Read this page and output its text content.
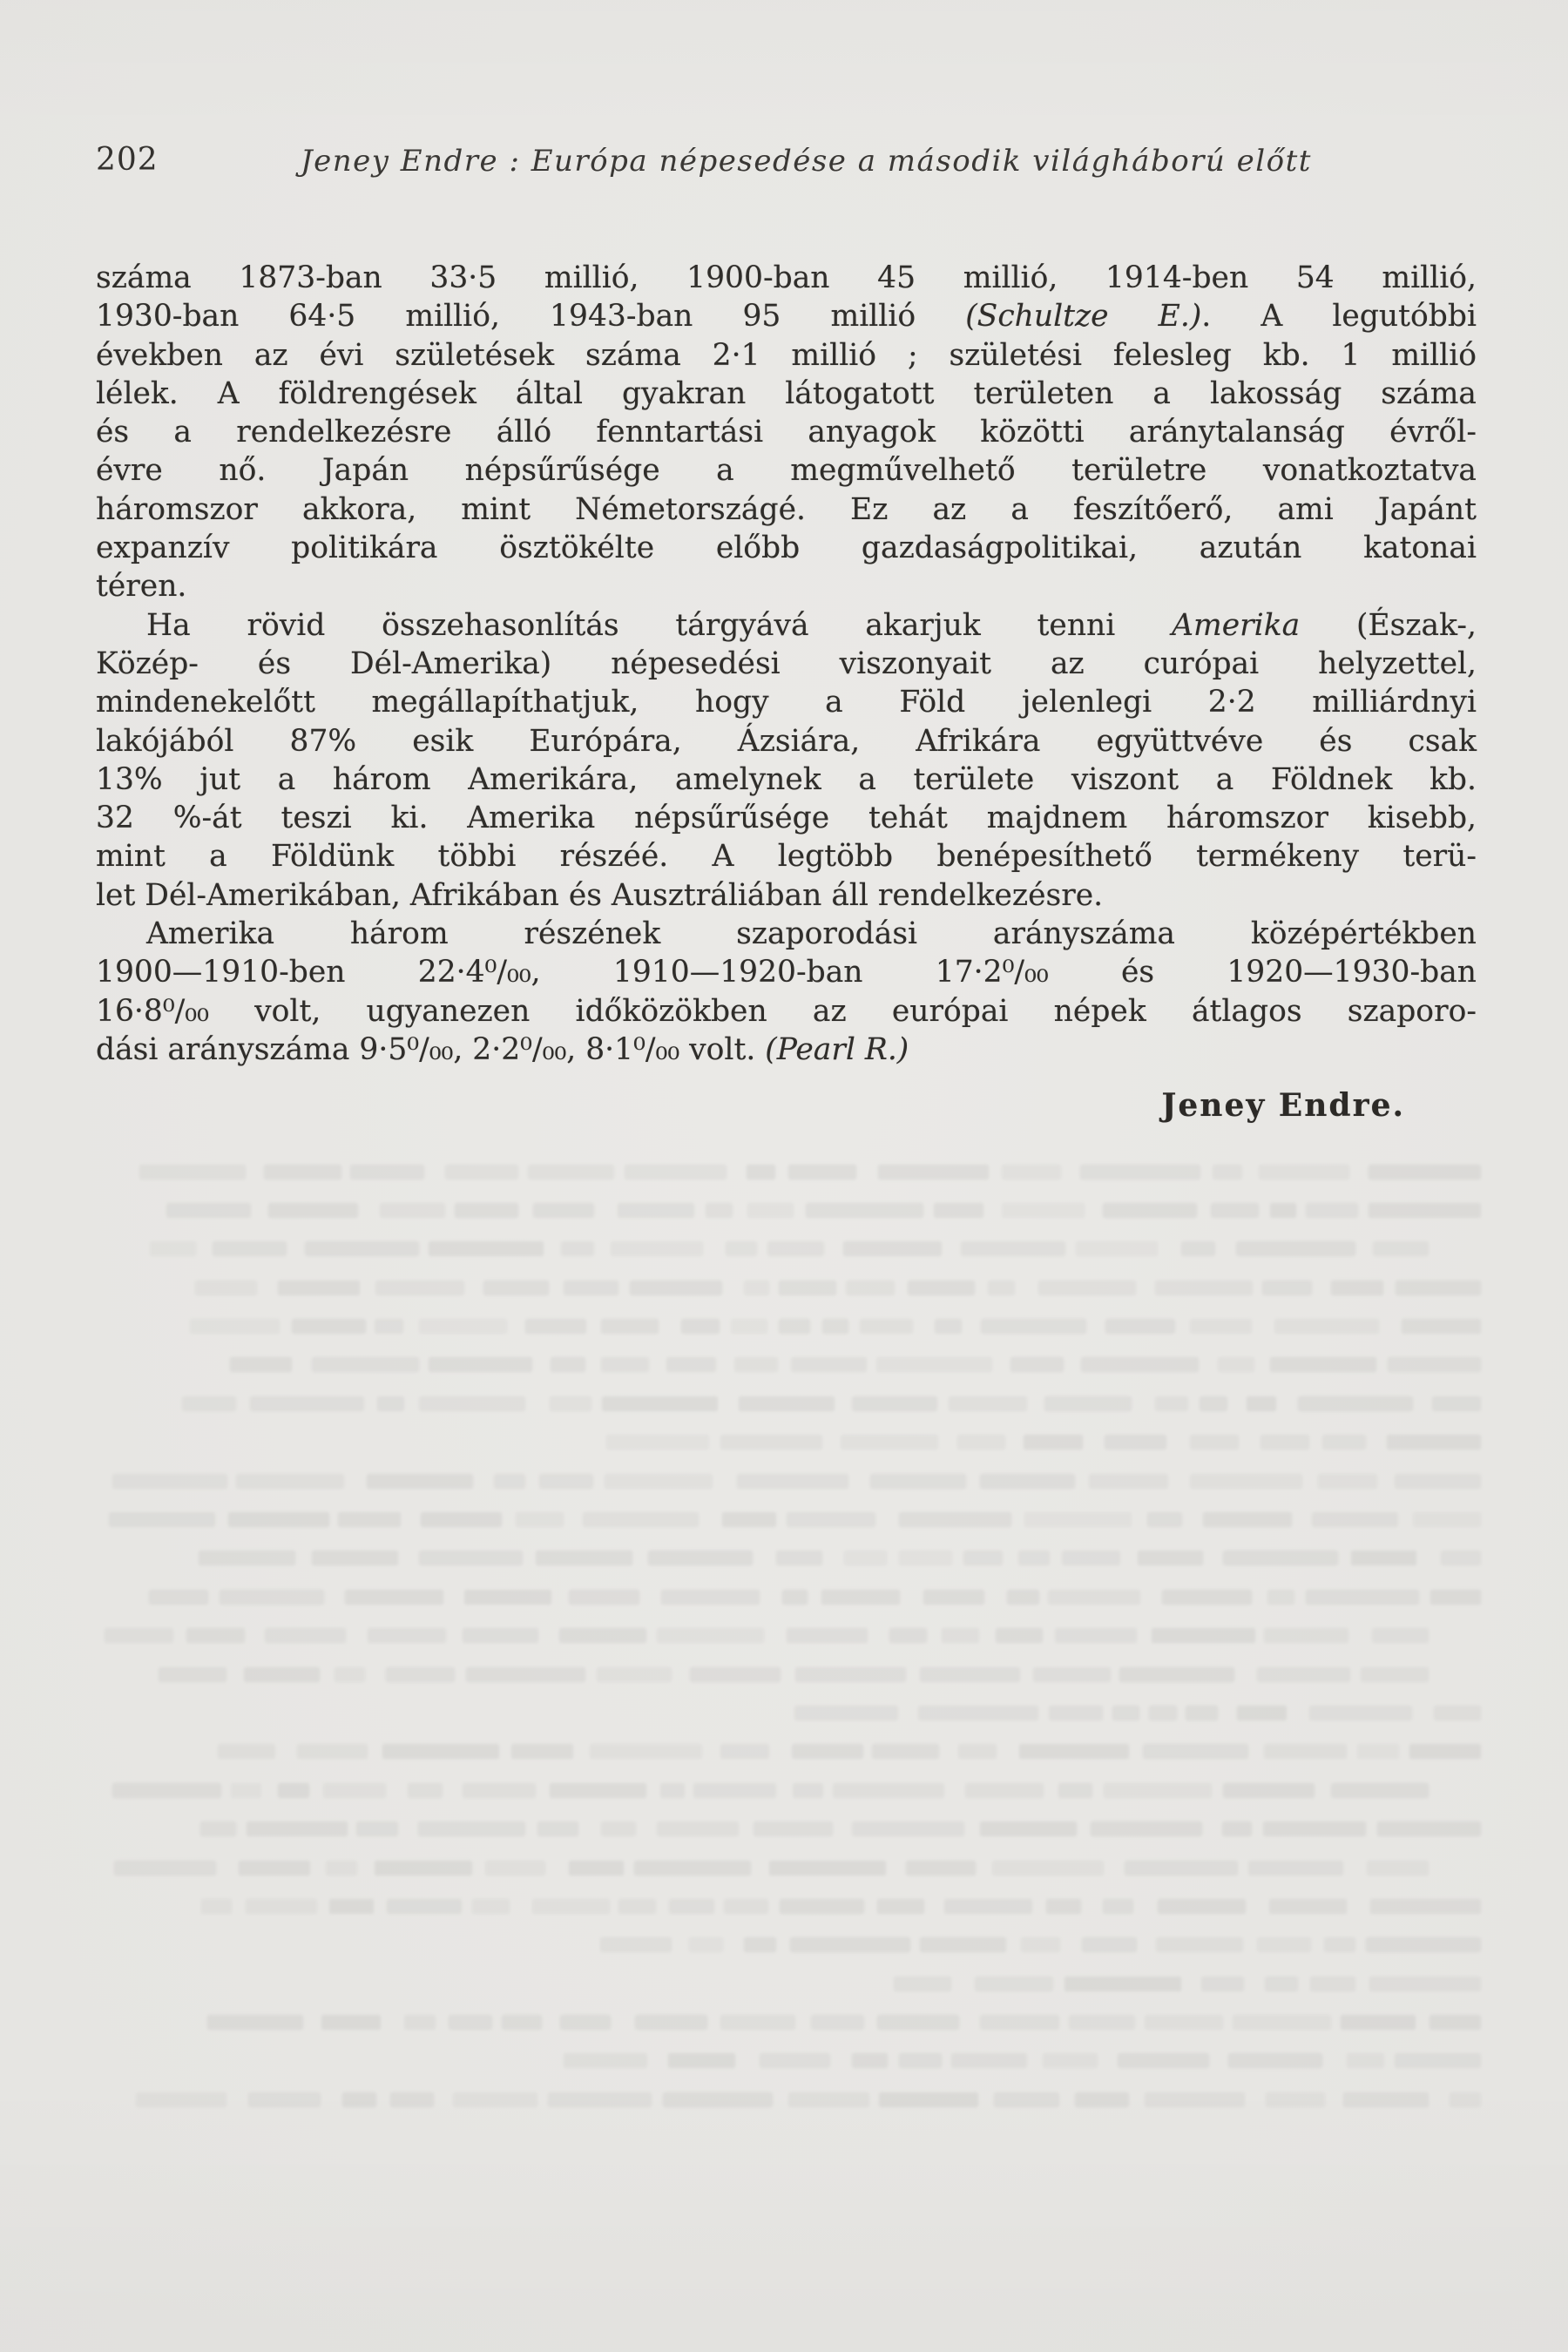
202	Jeney Endre : Európa népesedése a második világháború előtt
száma 1873-ban 33·5 millió, 1900-ban 45 millió, 1914-ben 54 millió,
1930-ban 64·5 millió, 1943-ban 95 millió (Schultze E.). A legutóbbi
években az évi születések száma 2·1 millió ; születési felesleg kb. 1 millió
lélek. A földrengések által gyakran látogatott területen a lakosság száma
és a rendelkezésre álló fenntartási anyagok közötti aránytalanság évről-
évre nő. Japán népsűrűsége a megművelhető területre vonatkoztatva
háromszor akkora, mint Németországé. Ez az a feszítőerő, ami Japánt
expanzív politikára ösztökélte előbb gazdaságpolitikai, azután katonai
téren.
Ha rövid összehasonlítás tárgyává akarjuk tenni Amerika (Észak-,
Közép- és Dél-Amerika) népesedési viszonyait az curópai helyzettel,
mindenekelőtt megállapíthatjuk, hogy a Föld jelenlegi 2·2 milliárdnyi
lakójából 87% esik Európára, Ázsiára, Afrikára együttvéve és csak
13% jut a három Amerikára, amelynek a területe viszont a Földnek kb.
32 %-át teszi ki. Amerika népsűrűsége tehát majdnem háromszor kisebb,
mint a Földünk többi részéé. A legtöbb benépesíthető termékeny terü-
let Dél-Amerikában, Afrikában és Ausztráliában áll rendelkezésre.
Amerika három részének szaporodási arányszáma középértékben
1900—1910-ben 22·4⁰/₀₀, 1910—1920-ban 17·2⁰/₀₀ és 1920—1930-ban
16·8⁰/₀₀ volt, ugyanezen időközökben az európai népek átlagos szaporo-
dási arányszáma 9·5⁰/₀₀, 2·2⁰/₀₀, 8·1⁰/₀₀ volt. (Pearl R.)
Jeney Endre.
